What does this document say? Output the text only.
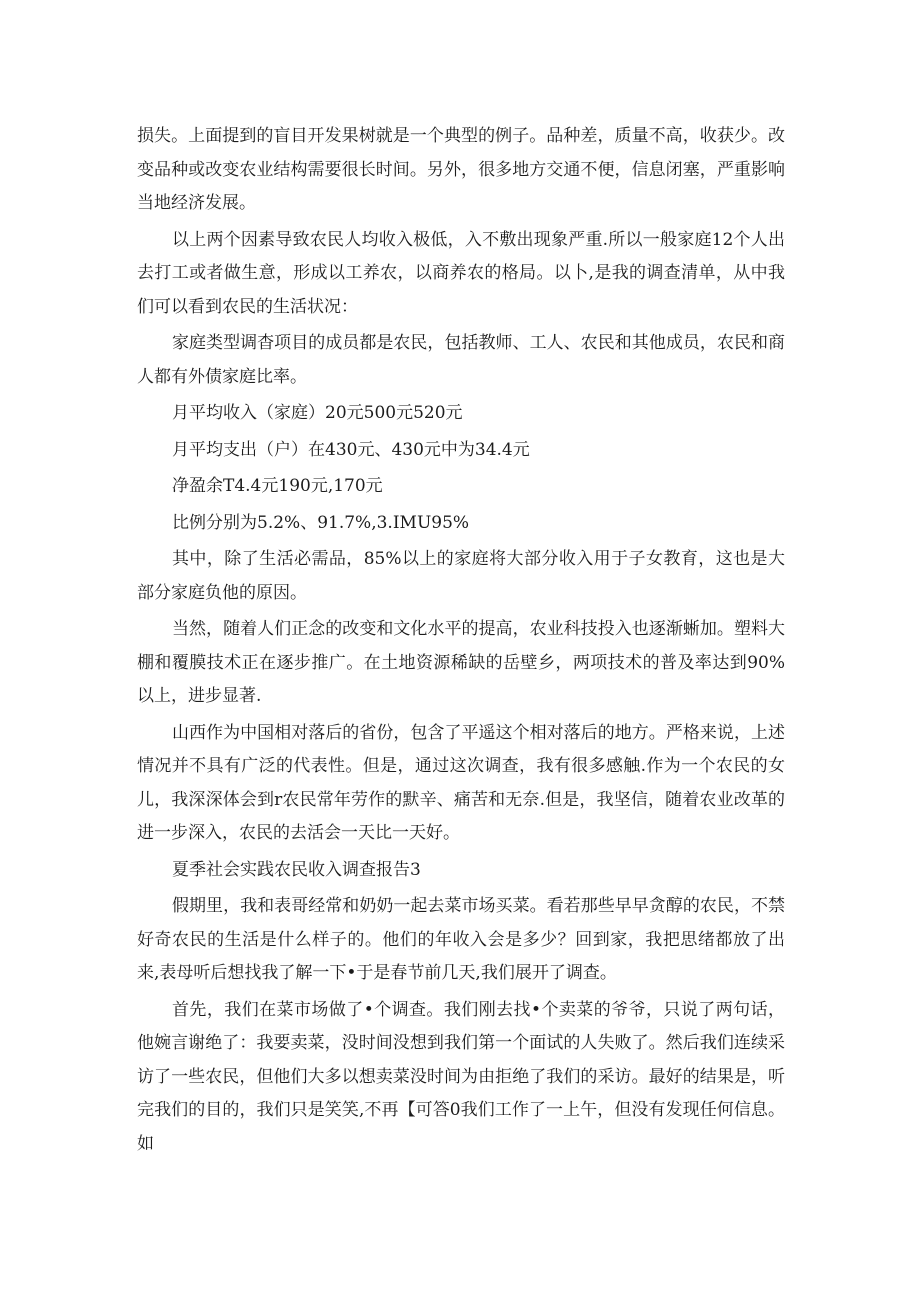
损失。上面提到的盲目开发果树就是一个典型的例子。品种差，质量不高，收获少。改变品种或改变农业结构需要很长时间。另外，很多地方交通不便，信息闭塞，严重影响当地经济发展。

以上两个因素导致农民人均收入极低，入不敷出现象严重.所以一般家庭12个人出去打工或者做生意，形成以工养农，以商养农的格局。以卜,是我的调查清单，从中我们可以看到农民的生活状况：

家庭类型调杳项目的成员都是农民，包括教师、工人、农民和其他成员，农民和商人都有外债家庭比率。

月平均收入（家庭）20元500元520元

月平均支出（户）在430元、430元中为34.4元

净盈余T4.4元190元,170元

比例分别为5.2%、91.7%,3.IMU95%

其中，除了生活必需品，85%以上的家庭将大部分收入用于子女教育，这也是大部分家庭负他的原因。

当然，随着人们正念的改变和文化水平的提高，农业科技投入也逐渐蜥加。塑料大棚和覆膜技术正在逐步推广。在土地资源稀缺的岳壁乡，两项技术的普及率达到90%以上，进步显著.

山西作为中国相对落后的省份，包含了平遥这个相对落后的地方。严格来说，上述情况并不具有广泛的代表性。但是，通过这次调查，我有很多感触.作为一个农民的女儿，我深深体会到r农民常年劳作的默辛、痛苦和无奈.但是，我坚信，随着农业改革的进一步深入，农民的去活会一天比一天好。

夏季社会实践农民收入调查报告3

假期里，我和表哥经常和奶奶一起去菜市场买菜。看若那些早早贪醇的农民，不禁好奇农民的生活是什么样子的。他们的年收入会是多少？回到家，我把思绪都放了出来,表母听后想找我了解一下•于是春节前几天,我们展开了调查。

首先，我们在菜市场做了•个调查。我们刚去找•个卖菜的爷爷，只说了两句话，他婉言谢绝了：我要卖菜，没时间没想到我们第一个面试的人失败了。然后我们连续采访了一些农民，但他们大多以想卖菜没时间为由拒绝了我们的采访。最好的结果是，听完我们的目的，我们只是笑笑,不再【可答0我们工作了一上午，但没有发现任何信息。如
